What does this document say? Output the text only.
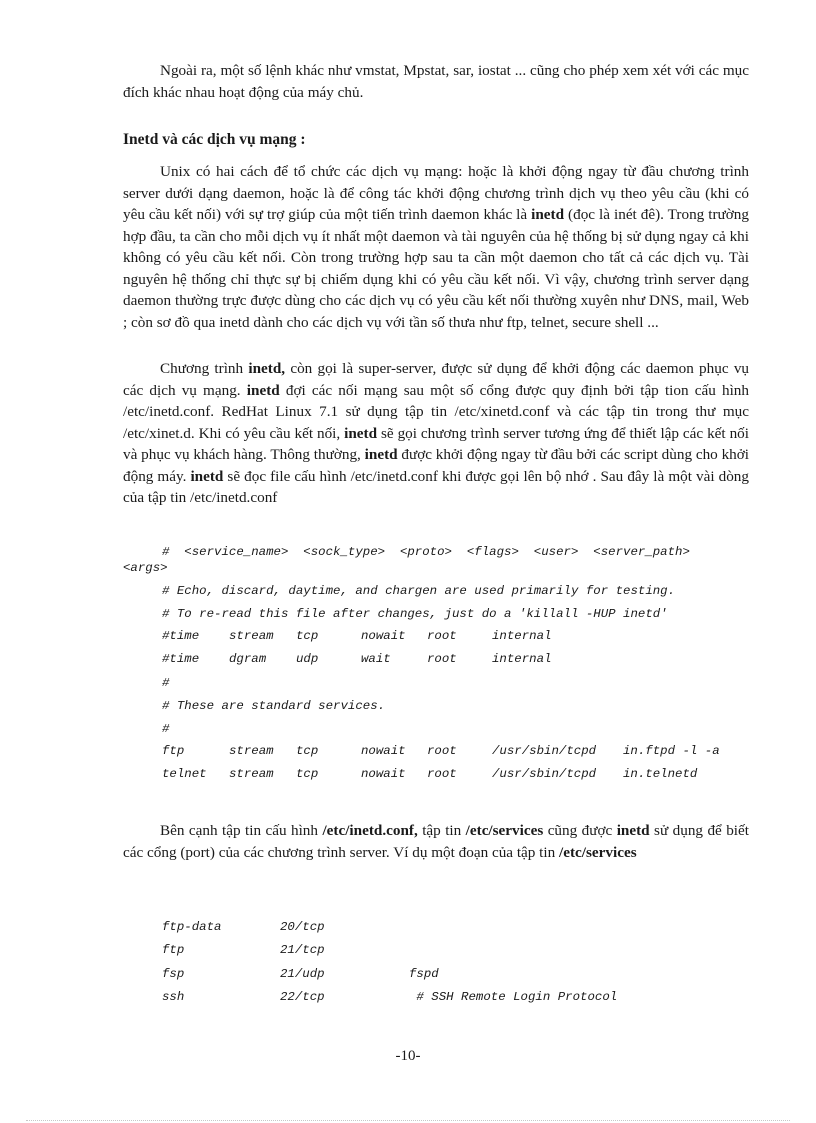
Ngoài ra, một số lệnh khác như vmstat, Mpstat, sar, iostat ... cũng cho phép xem xét với các mục đích khác nhau hoạt động của máy chủ.

Inetd và các dịch vụ mạng :

Unix có hai cách để tổ chức các dịch vụ mạng: hoặc là khởi động ngay từ đầu chương trình server dưới dạng daemon, hoặc là để công tác khởi động chương trình dịch vụ theo yêu cầu (khi có yêu cầu kết nối) với sự trợ giúp của một tiến trình daemon khác là inetd (đọc là inét đê). Trong trường hợp đầu, ta cần cho mỗi dịch vụ ít nhất một daemon và tài nguyên của hệ thống bị sử dụng ngay cả khi không có yêu cầu kết nối. Còn trong trường hợp sau ta cần một daemon cho tất cả các dịch vụ. Tài nguyên hệ thống chỉ thực sự bị chiếm dụng khi có yêu cầu kết nối. Vì vậy, chương trình server dạng daemon thường trực được dùng cho các dịch vụ có yêu cầu kết nối thường xuyên như DNS, mail, Web ; còn sơ đồ qua inetd dành cho các dịch vụ với tần số thưa như ftp, telnet, secure shell ...

Chương trình inetd, còn gọi là super-server, được sử dụng để khởi động các daemon phục vụ các dịch vụ mạng. inetd đợi các nối mạng sau một số cổng được quy định bởi tập tion cấu hình /etc/inetd.conf. RedHat Linux 7.1 sử dụng tập tin /etc/xinetd.conf và các tập tin trong thư mục /etc/xinet.d. Khi có yêu cầu kết nối, inetd sẽ gọi chương trình server tương ứng để thiết lập các kết nối và phục vụ khách hàng. Thông thường, inetd được khởi động ngay từ đầu bởi các script dùng cho khởi động máy. inetd sẽ đọc file cấu hình /etc/inetd.conf khi được gọi lên bộ nhớ . Sau đây là một vài dòng của tập tin /etc/inetd.conf

#  <service_name>  <sock_type>  <proto>  <flags>  <user>  <server_path>
<args>
# Echo, discard, daytime, and chargen are used primarily for testing.
# To re-read this file after changes, just do a 'killall -HUP inetd'
#time stream tcp	nowait root	internal
#time dgram udp	wait	root	internal
#
# These are standard services.
#
ftp	stream tcp	nowait root	/usr/sbin/tcpd in.ftpd -l -a
telnet stream tcp	nowait root	/usr/sbin/tcpd in.telnetd

Bên cạnh tập tin cấu hình /etc/inetd.conf, tập tin /etc/services cũng được inetd sử dụng để biết các cổng (port) của các chương trình server. Ví dụ một đoạn của tập tin /etc/services

ftp-data	20/tcp
ftp	21/tcp
fsp	21/udp	fspd
ssh	22/tcp	# SSH Remote Login Protocol
-10-
